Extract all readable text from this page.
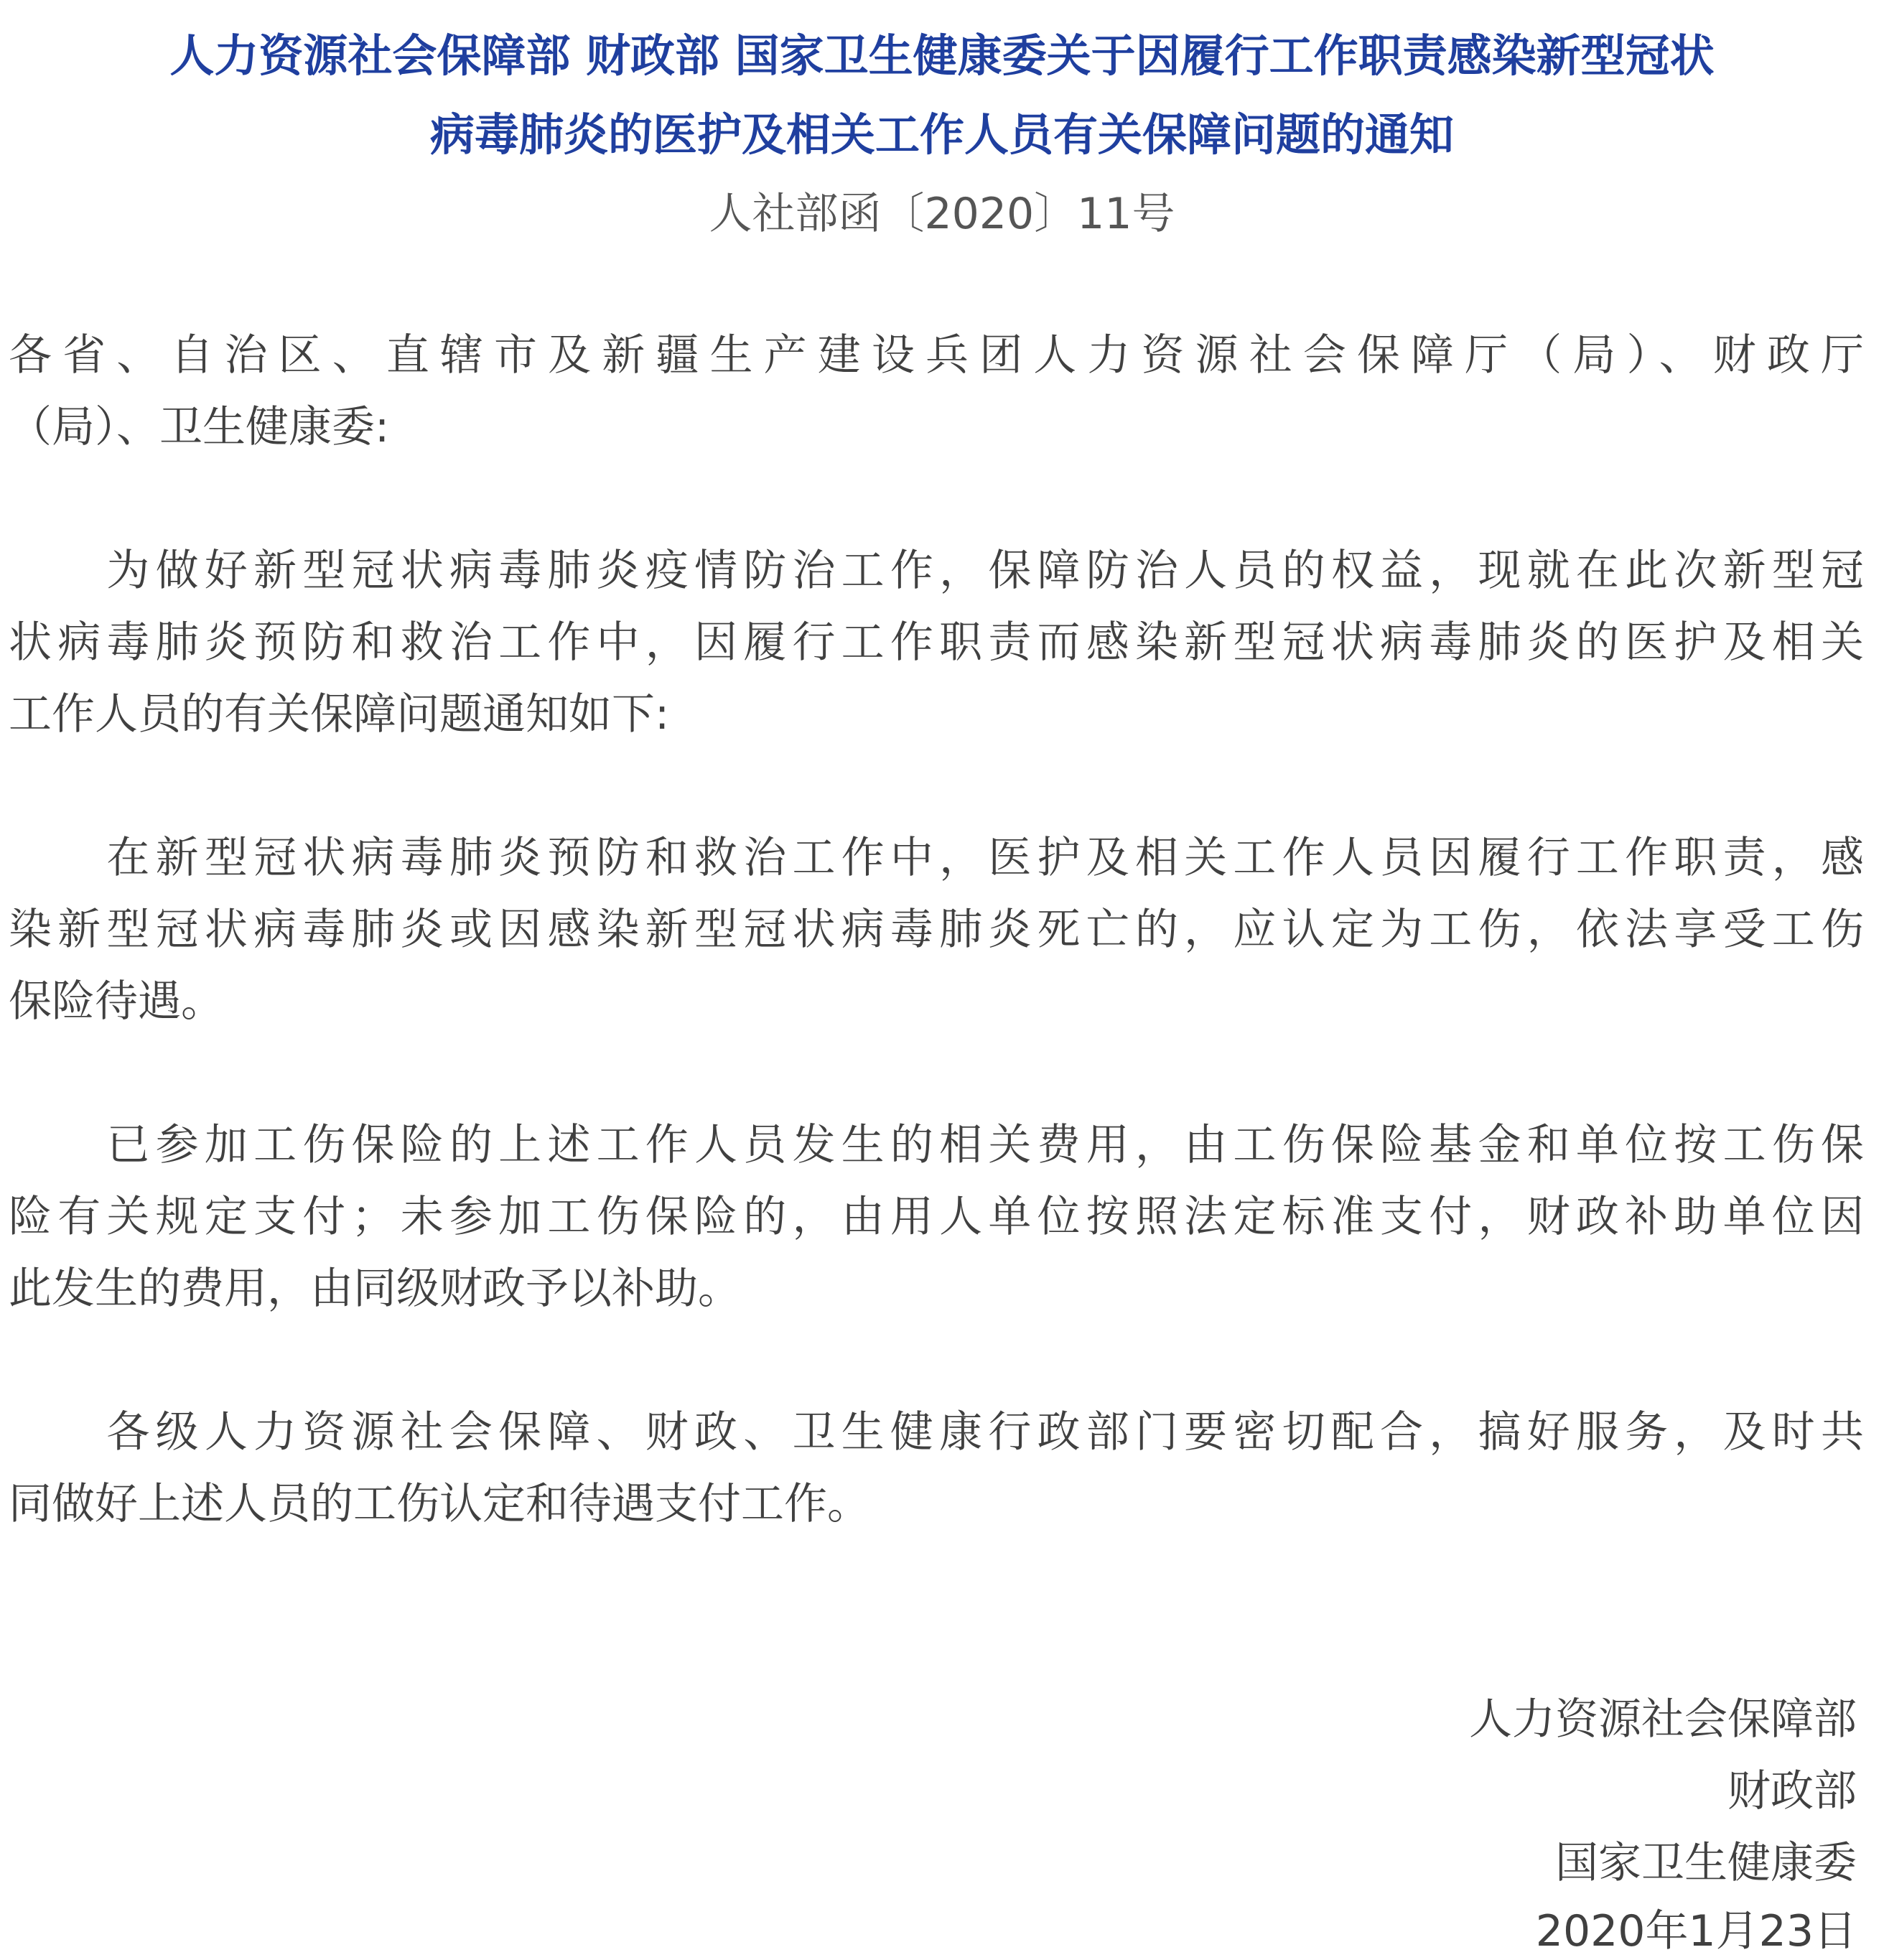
人力资源社会保障部 财政部 国家卫生健康委关于因履行工作职责感染新型冠状
病毒肺炎的医护及相关工作人员有关保障问题的通知
人社部函〔2020〕11号
各省、自治区、直辖市及新疆生产建设兵团人力资源社会保障厅（局）、财政厅
（局）、卫生健康委:
　　为做好新型冠状病毒肺炎疫情防治工作，保障防治人员的权益，现就在此次新型冠
状病毒肺炎预防和救治工作中，因履行工作职责而感染新型冠状病毒肺炎的医护及相关
工作人员的有关保障问题通知如下:
　　在新型冠状病毒肺炎预防和救治工作中，医护及相关工作人员因履行工作职责，感
染新型冠状病毒肺炎或因感染新型冠状病毒肺炎死亡的，应认定为工伤，依法享受工伤
保险待遇。
　　已参加工伤保险的上述工作人员发生的相关费用，由工伤保险基金和单位按工伤保
险有关规定支付；未参加工伤保险的，由用人单位按照法定标准支付，财政补助单位因
此发生的费用，由同级财政予以补助。
　　各级人力资源社会保障、财政、卫生健康行政部门要密切配合，搞好服务，及时共
同做好上述人员的工伤认定和待遇支付工作。
人力资源社会保障部
财政部
国家卫生健康委
2020年1月23日
